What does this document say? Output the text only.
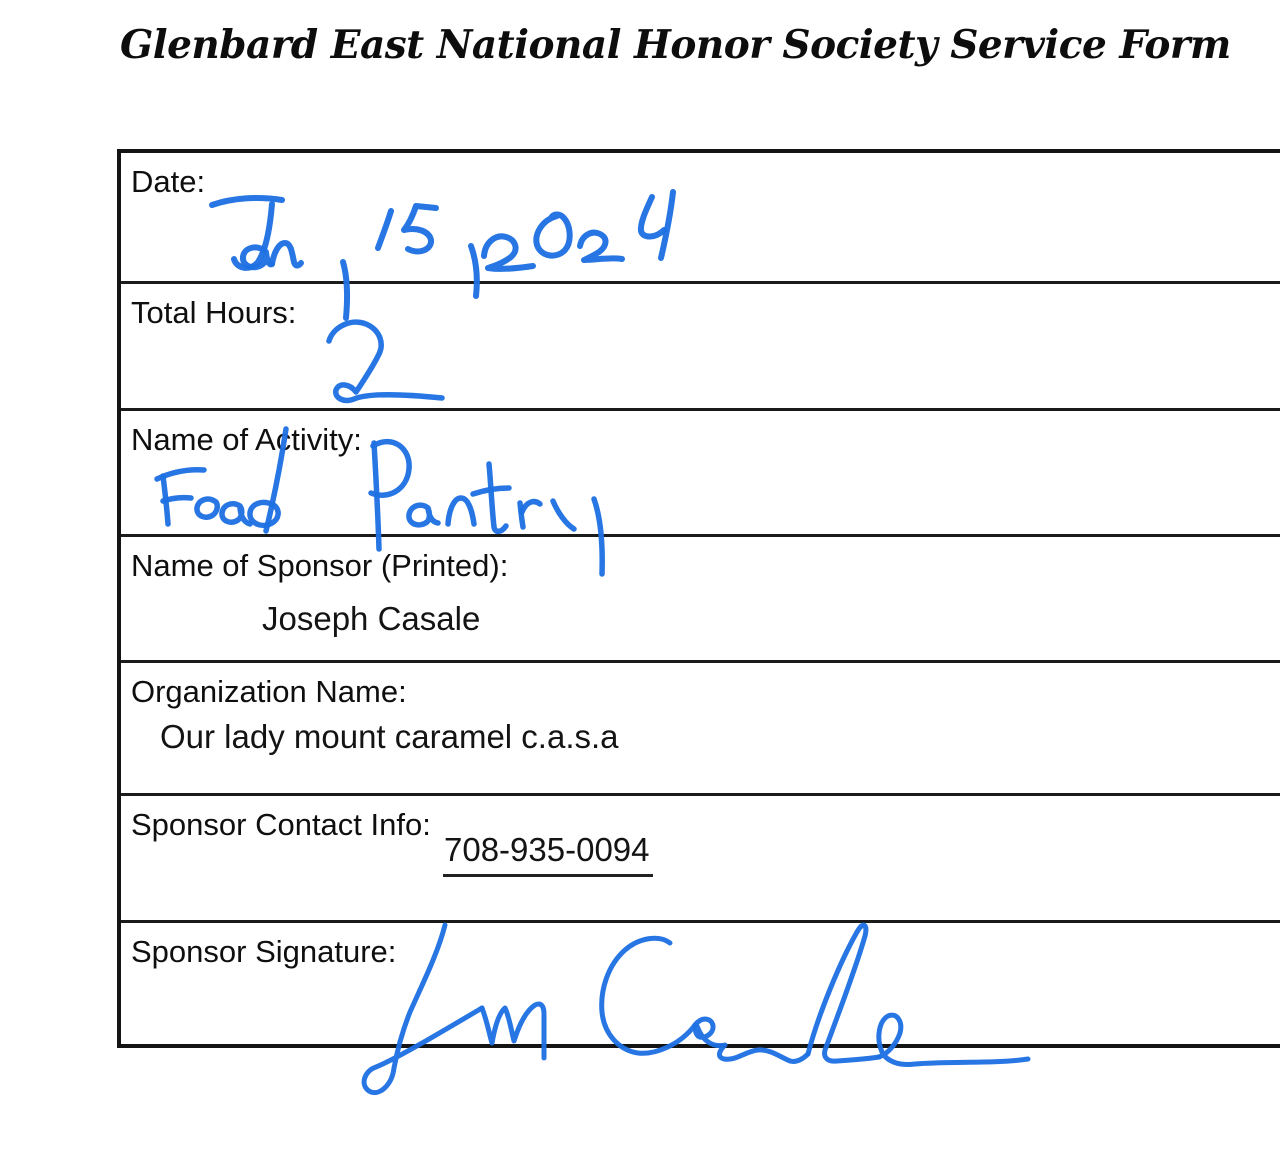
Glenbard East National Honor Society Service Form
Date:
Total Hours:
Name of Activity:
Name of Sponsor (Printed):
Joseph Casale
Organization Name:
Our lady mount caramel c.a.s.a
Sponsor Contact Info:
708-935-0094
Sponsor Signature:
